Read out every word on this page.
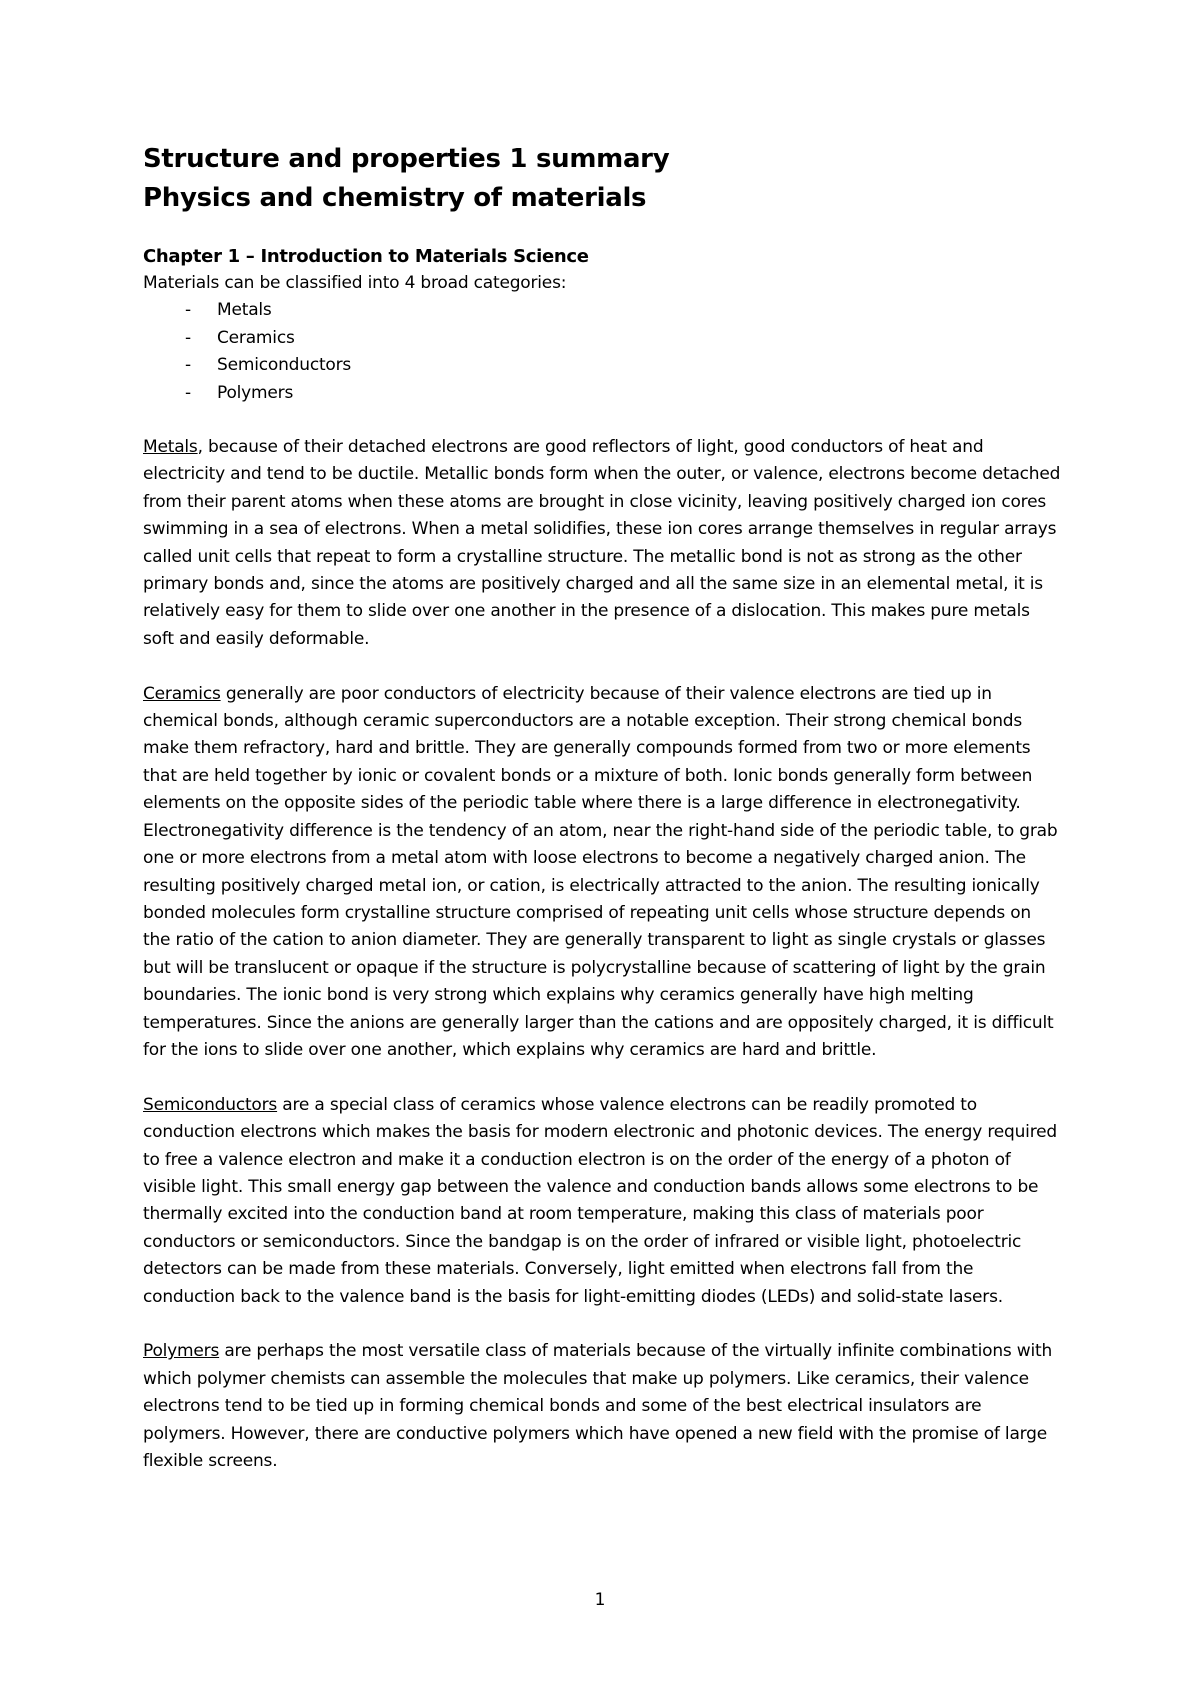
Structure and properties 1 summary
Physics and chemistry of materials
Chapter 1 – Introduction to Materials Science

Materials can be classified into 4 broad categories:

- Metals
- Ceramics
- Semiconductors
- Polymers

Metals, because of their detached electrons are good reflectors of light, good conductors of heat and electricity and tend to be ductile. Metallic bonds form when the outer, or valence, electrons become detached from their parent atoms when these atoms are brought in close vicinity, leaving positively charged ion cores swimming in a sea of electrons. When a metal solidifies, these ion cores arrange themselves in regular arrays called unit cells that repeat to form a crystalline structure. The metallic bond is not as strong as the other primary bonds and, since the atoms are positively charged and all the same size in an elemental metal, it is relatively easy for them to slide over one another in the presence of a dislocation. This makes pure metals soft and easily deformable.

Ceramics generally are poor conductors of electricity because of their valence electrons are tied up in chemical bonds, although ceramic superconductors are a notable exception. Their strong chemical bonds make them refractory, hard and brittle. They are generally compounds formed from two or more elements that are held together by ionic or covalent bonds or a mixture of both. Ionic bonds generally form between elements on the opposite sides of the periodic table where there is a large difference in electronegativity. Electronegativity difference is the tendency of an atom, near the right-hand side of the periodic table, to grab one or more electrons from a metal atom with loose electrons to become a negatively charged anion. The resulting positively charged metal ion, or cation, is electrically attracted to the anion. The resulting ionically bonded molecules form crystalline structure comprised of repeating unit cells whose structure depends on the ratio of the cation to anion diameter. They are generally transparent to light as single crystals or glasses but will be translucent or opaque if the structure is polycrystalline because of scattering of light by the grain boundaries. The ionic bond is very strong which explains why ceramics generally have high melting temperatures. Since the anions are generally larger than the cations and are oppositely charged, it is difficult for the ions to slide over one another, which explains why ceramics are hard and brittle.

Semiconductors are a special class of ceramics whose valence electrons can be readily promoted to conduction electrons which makes the basis for modern electronic and photonic devices. The energy required to free a valence electron and make it a conduction electron is on the order of the energy of a photon of visible light. This small energy gap between the valence and conduction bands allows some electrons to be thermally excited into the conduction band at room temperature, making this class of materials poor conductors or semiconductors. Since the bandgap is on the order of infrared or visible light, photoelectric detectors can be made from these materials. Conversely, light emitted when electrons fall from the conduction back to the valence band is the basis for light-emitting diodes (LEDs) and solid-state lasers.

Polymers are perhaps the most versatile class of materials because of the virtually infinite combinations with which polymer chemists can assemble the molecules that make up polymers. Like ceramics, their valence electrons tend to be tied up in forming chemical bonds and some of the best electrical insulators are polymers. However, there are conductive polymers which have opened a new field with the promise of large flexible screens.

1
